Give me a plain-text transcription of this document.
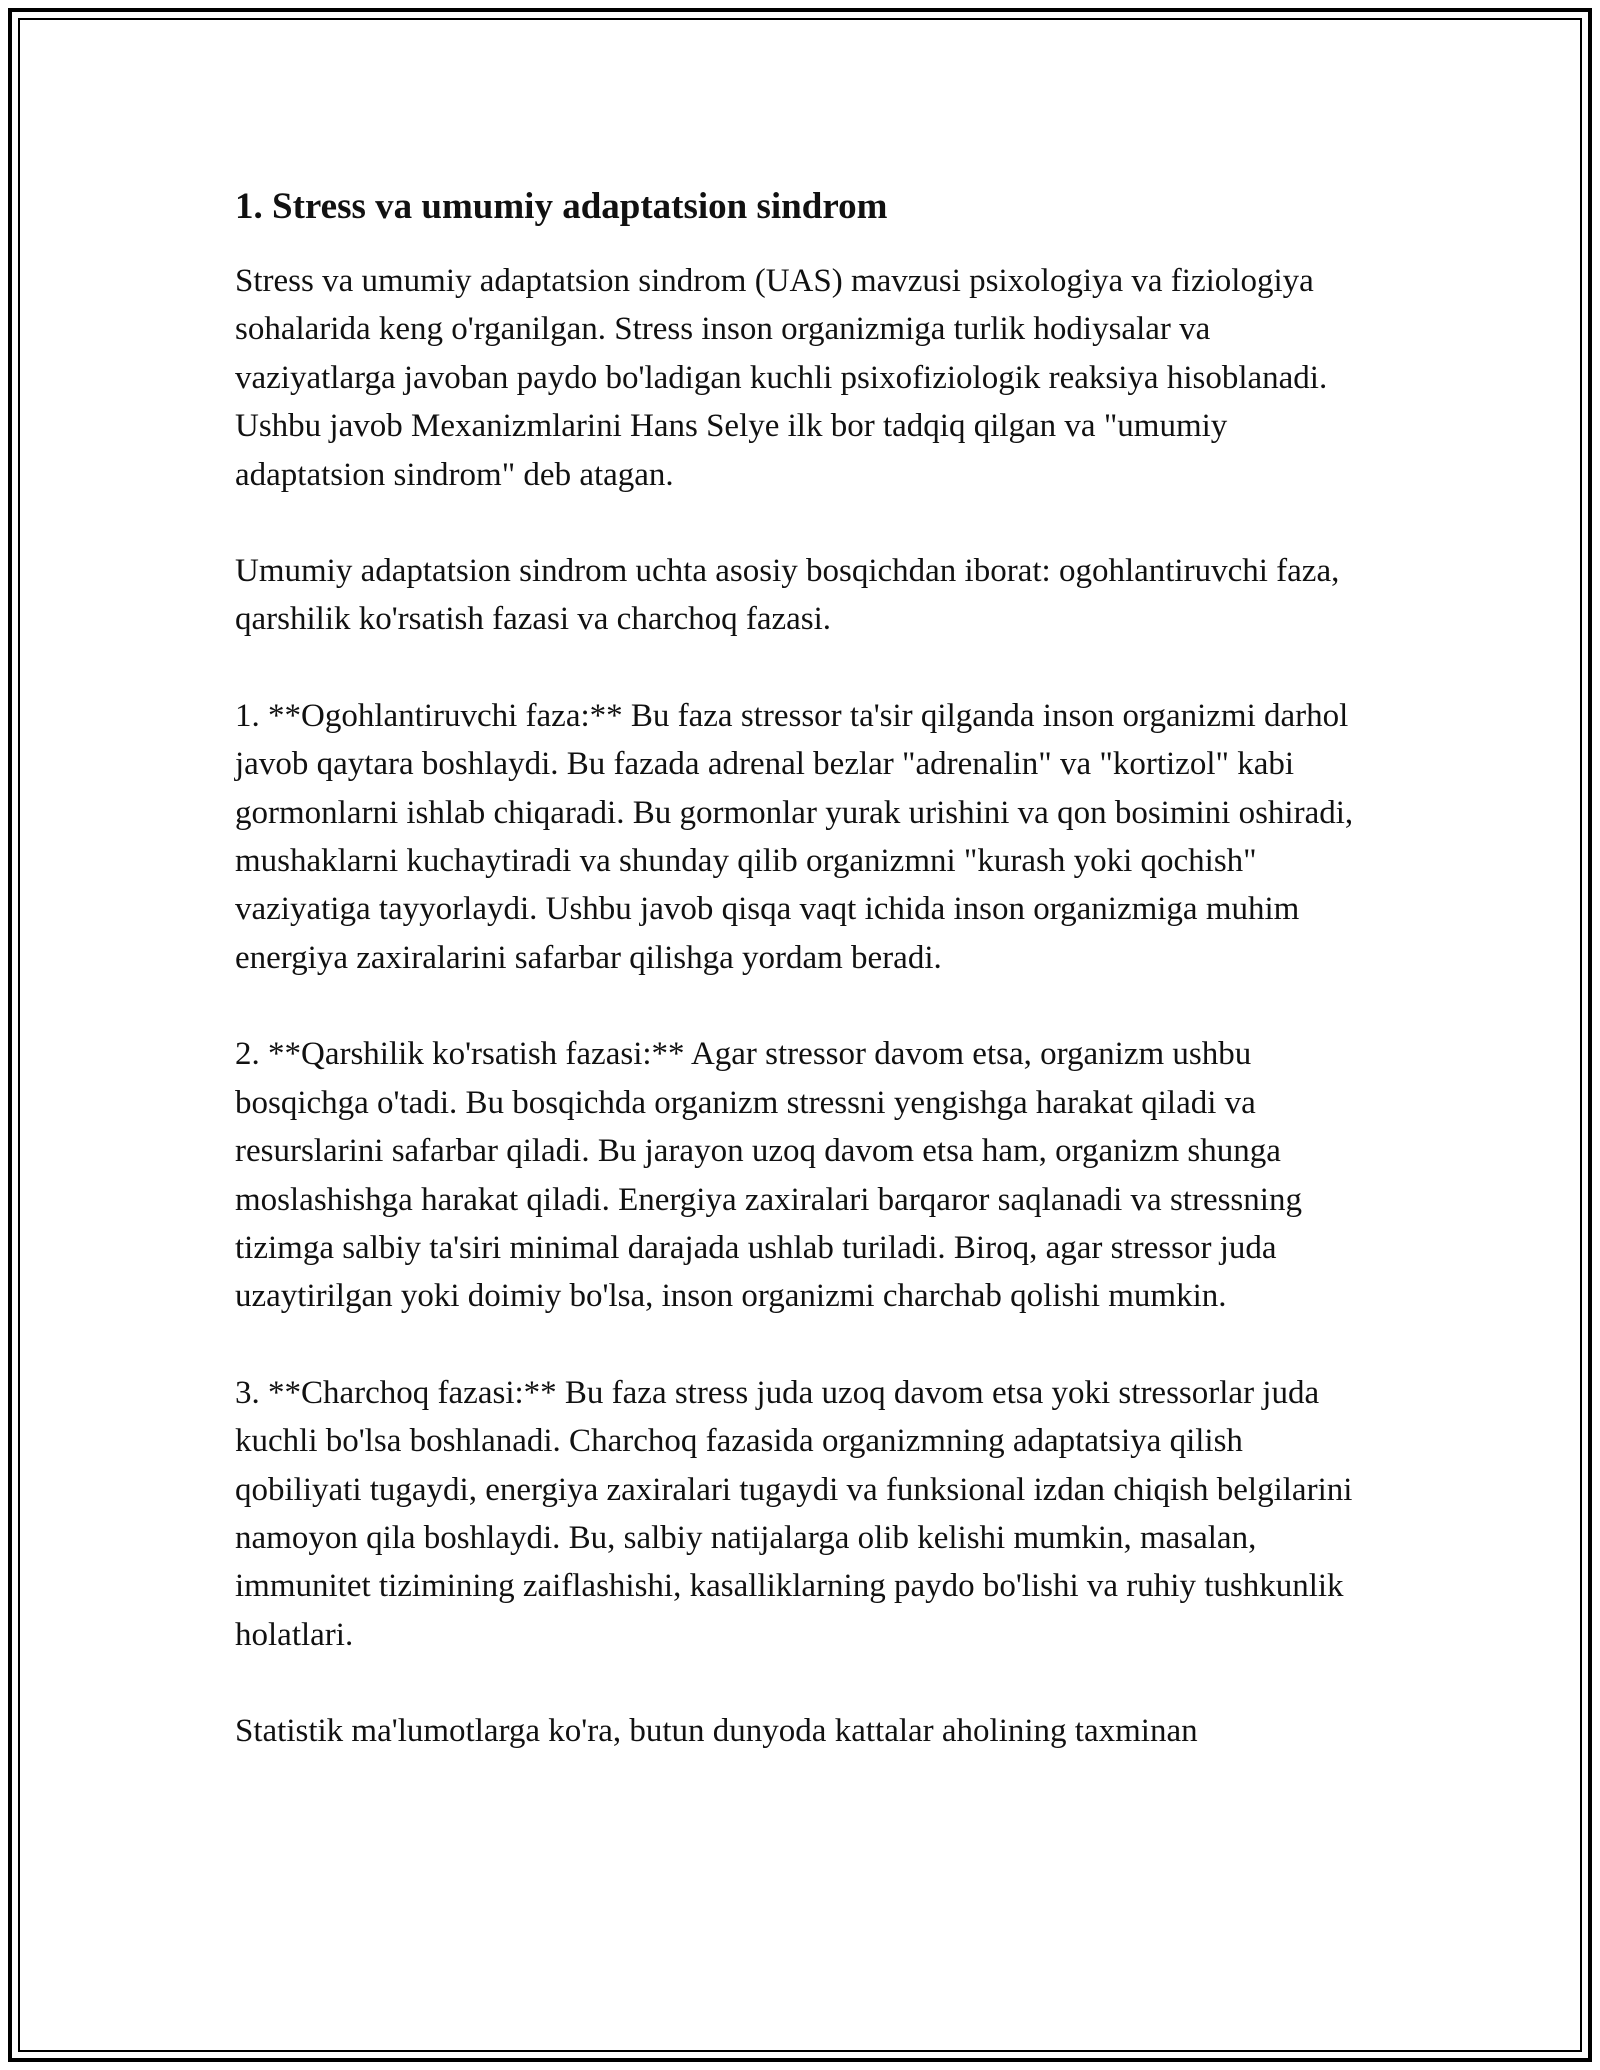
1. Stress va umumiy adaptatsion sindrom

Stress va umumiy adaptatsion sindrom (UAS) mavzusi psixologiya va fiziologiya sohalarida keng o'rganilgan. Stress inson organizmiga turlik hodiysalar va vaziyatlarga javoban paydo bo'ladigan kuchli psixofiziologik reaksiya hisoblanadi. Ushbu javob Mexanizmlarini Hans Selye ilk bor tadqiq qilgan va "umumiy adaptatsion sindrom" deb atagan.

Umumiy adaptatsion sindrom uchta asosiy bosqichdan iborat: ogohlantiruvchi faza, qarshilik ko'rsatish fazasi va charchoq fazasi.

1. **Ogohlantiruvchi faza:** Bu faza stressor ta'sir qilganda inson organizmi darhol javob qaytara boshlaydi. Bu fazada adrenal bezlar "adrenalin" va "kortizol" kabi gormonlarni ishlab chiqaradi. Bu gormonlar yurak urishini va qon bosimini oshiradi, mushaklarni kuchaytiradi va shunday qilib organizmni "kurash yoki qochish" vaziyatiga tayyorlaydi. Ushbu javob qisqa vaqt ichida inson organizmiga muhim energiya zaxiralarini safarbar qilishga yordam beradi.

2. **Qarshilik ko'rsatish fazasi:** Agar stressor davom etsa, organizm ushbu bosqichga o'tadi. Bu bosqichda organizm stressni yengishga harakat qiladi va resurslarini safarbar qiladi. Bu jarayon uzoq davom etsa ham, organizm shunga moslashishga harakat qiladi. Energiya zaxiralari barqaror saqlanadi va stressning tizimga salbiy ta'siri minimal darajada ushlab turiladi. Biroq, agar stressor juda uzaytirilgan yoki doimiy bo'lsa, inson organizmi charchab qolishi mumkin.

3. **Charchoq fazasi:** Bu faza stress juda uzoq davom etsa yoki stressorlar juda kuchli bo'lsa boshlanadi. Charchoq fazasida organizmning adaptatsiya qilish qobiliyati tugaydi, energiya zaxiralari tugaydi va funksional izdan chiqish belgilarini namoyon qila boshlaydi. Bu, salbiy natijalarga olib kelishi mumkin, masalan, immunitet tizimining zaiflashishi, kasalliklarning paydo bo'lishi va ruhiy tushkunlik holatlari.

Statistik ma'lumotlarga ko'ra, butun dunyoda kattalar aholining taxminan
